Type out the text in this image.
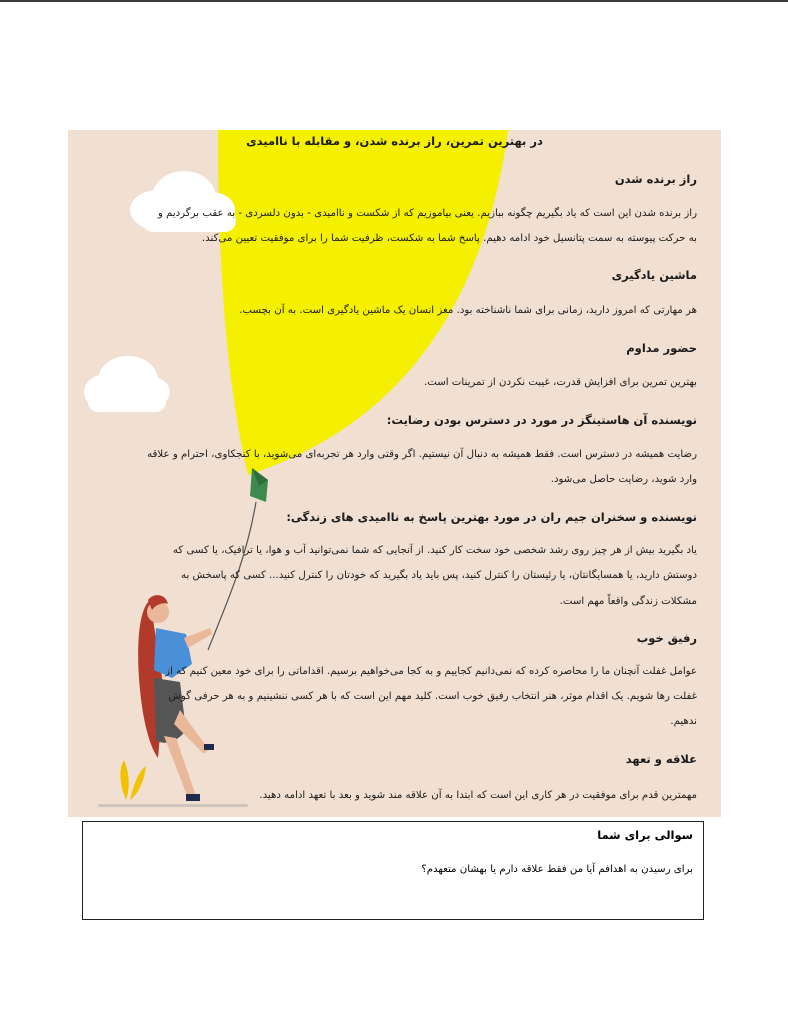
در بهترین تمرین، راز برنده شدن، و مقابله با ناامیدی

راز برنده شدن

راز برنده شدن این است که یاد بگیریم چگونه ببازیم. یعنی بیاموزیم که از شکست و ناامیدی - بدون دلسردی - به عقب برگردیم و

به حرکت پیوسته به سمت پتانسیل خود ادامه دهیم. پاسخ شما به شکست، ظرفیت شما را برای موفقیت تعیین می‌کند.

ماشین یادگیری

هر مهارتی که امروز دارید، زمانی برای شما ناشناخته بود. مغز انسان یک ماشین یادگیری است. به آن بچسب.

حضور مداوم

بهترین تمرین برای افزایش قدرت، غیبت نکردن از تمرینات است.

نویسنده آن هاستینگز در مورد در دسترس بودن رضایت:

رضایت همیشه در دسترس است. فقط همیشه به دنبال آن نیستیم. اگر وقتی وارد هر تجربه‌ای می‌شوید، با کنجکاوی، احترام و علاقه

وارد شوید، رضایت حاصل می‌شود.

نویسنده و سخنران جیم ران در مورد بهترین پاسخ به ناامیدی های زندگی:

یاد بگیرید بیش از هر چیز روی رشد شخصی خود سخت کار کنید. از آنجایی که شما نمی‌توانید آب و هوا، یا ترافیک، یا کسی که

دوستش دارید، یا همسایگانتان، یا رئیستان را کنترل کنید، پس باید یاد بگیرید که خودتان را کنترل کنید... کسی که پاسخش به

مشکلات زندگی واقعاً مهم است.

رفیق خوب

عوامل غفلت آنچنان ما را محاصره کرده که نمی‌دانیم کجاییم و به کجا می‌خواهیم برسیم. اقداماتی را برای خود معین کنیم که از

غفلت رها شویم. یک اقدام موثر، هنر انتخاب رفیق خوب است. کلید مهم این است که با هر کسی ننشینیم و به هر حرفی گوش

ندهیم.

علاقه و تعهد

مهمترین قدم برای موفقیت در هر کاری این است که ابتدا به آن علاقه مند شوید و بعد با تعهد ادامه دهید.

سوالی برای شما
برای رسیدن به اهدافم آیا من فقط علاقه دارم یا بهشان متعهدم؟
